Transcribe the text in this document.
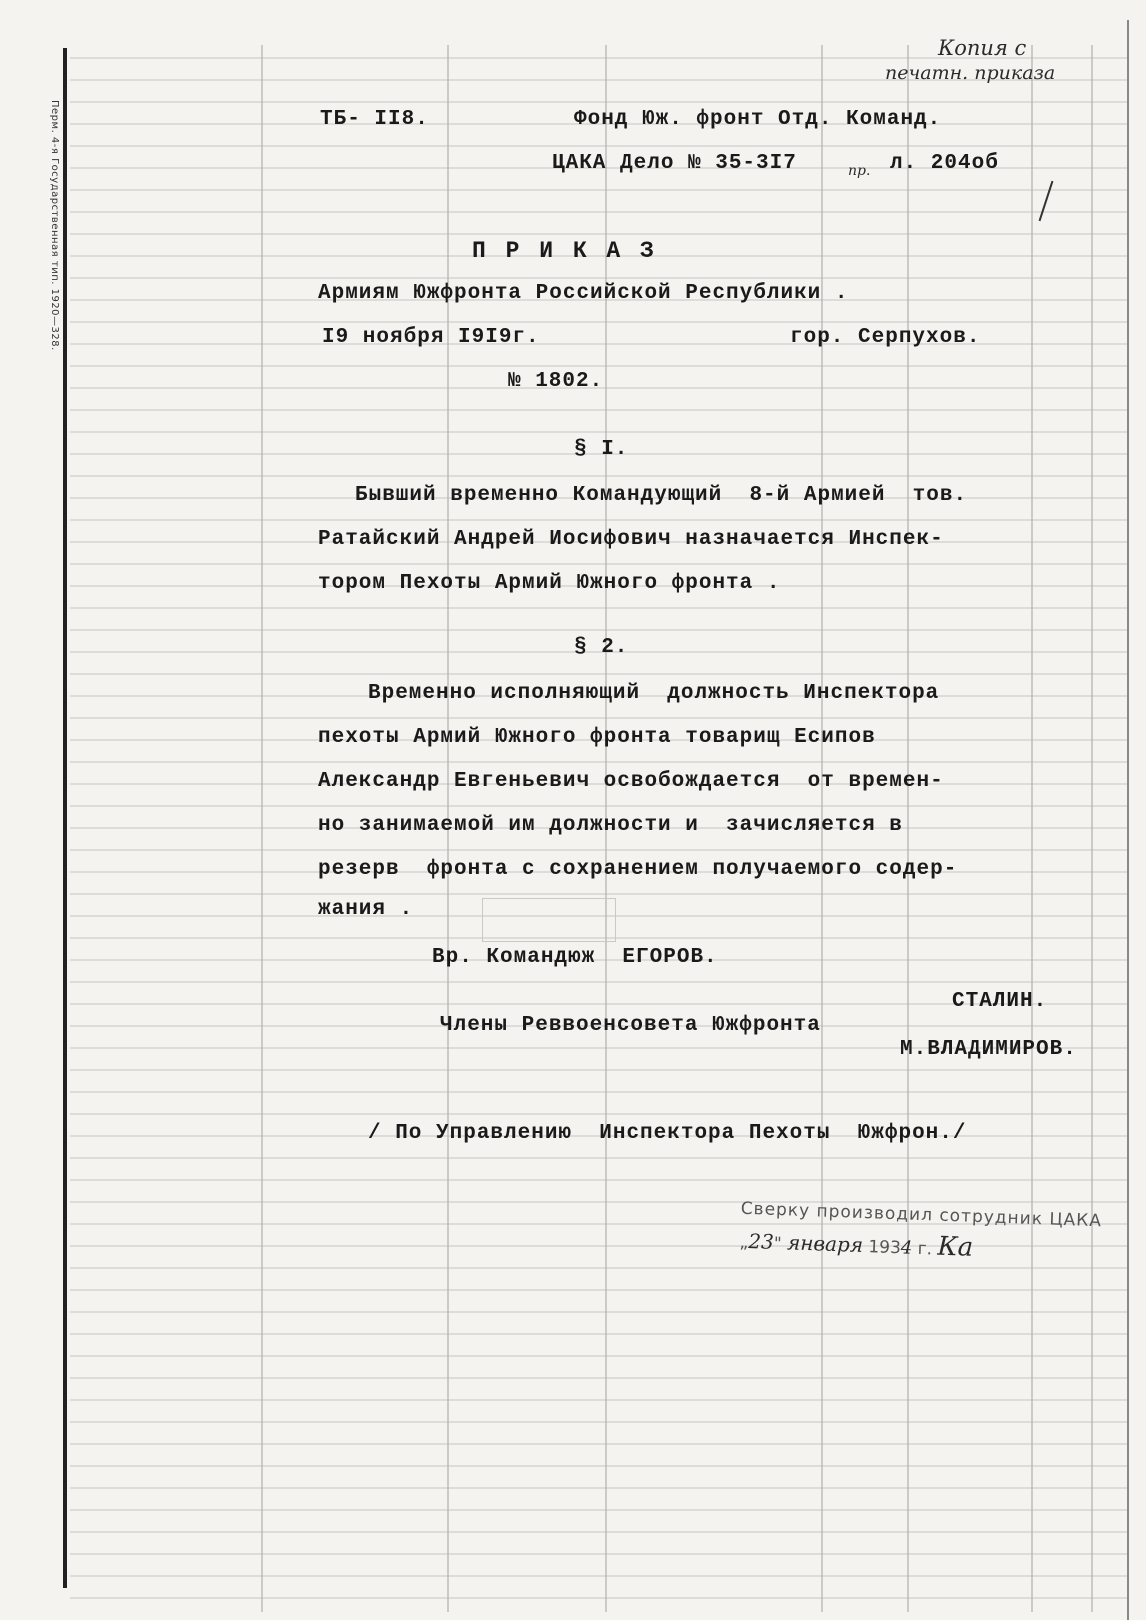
Перм. 4-я Государственная тип. 1920—328.
Копия с
печатн. приказа
ТБ- II8.	Фонд Юж. фронт Отд. Команд.
ЦАКА Дело № 35-3I7	пр. л. 204об
П Р И К А З
Армиям Южфронта Российской Республики .
I9 ноября I9I9г.	гор. Серпухов.
№ 1802.
§ I.
Бывший временно Командующий  8-й Армией  тов.
Ратайский Андрей Иосифович назначается Инспек-
тором Пехоты Армий Южного фронта .
§ 2.
Временно исполняющий  должность Инспектора
пехоты Армий Южного фронта товарищ Есипов
Александр Евгеньевич освобождается  от времен-
но занимаемой им должности и  зачисляется в
резерв  фронта с сохранением получаемого содер-
жания .
Вр. Командюж  ЕГОРОВ.
СТАЛИН.
Члены Реввоенсовета Южфронта
М.ВЛАДИМИРОВ.
/ По Управлению  Инспектора Пехоты  Южфрон./
Сверку производил сотрудник ЦАКА
„23" января 1934 г. Ка
